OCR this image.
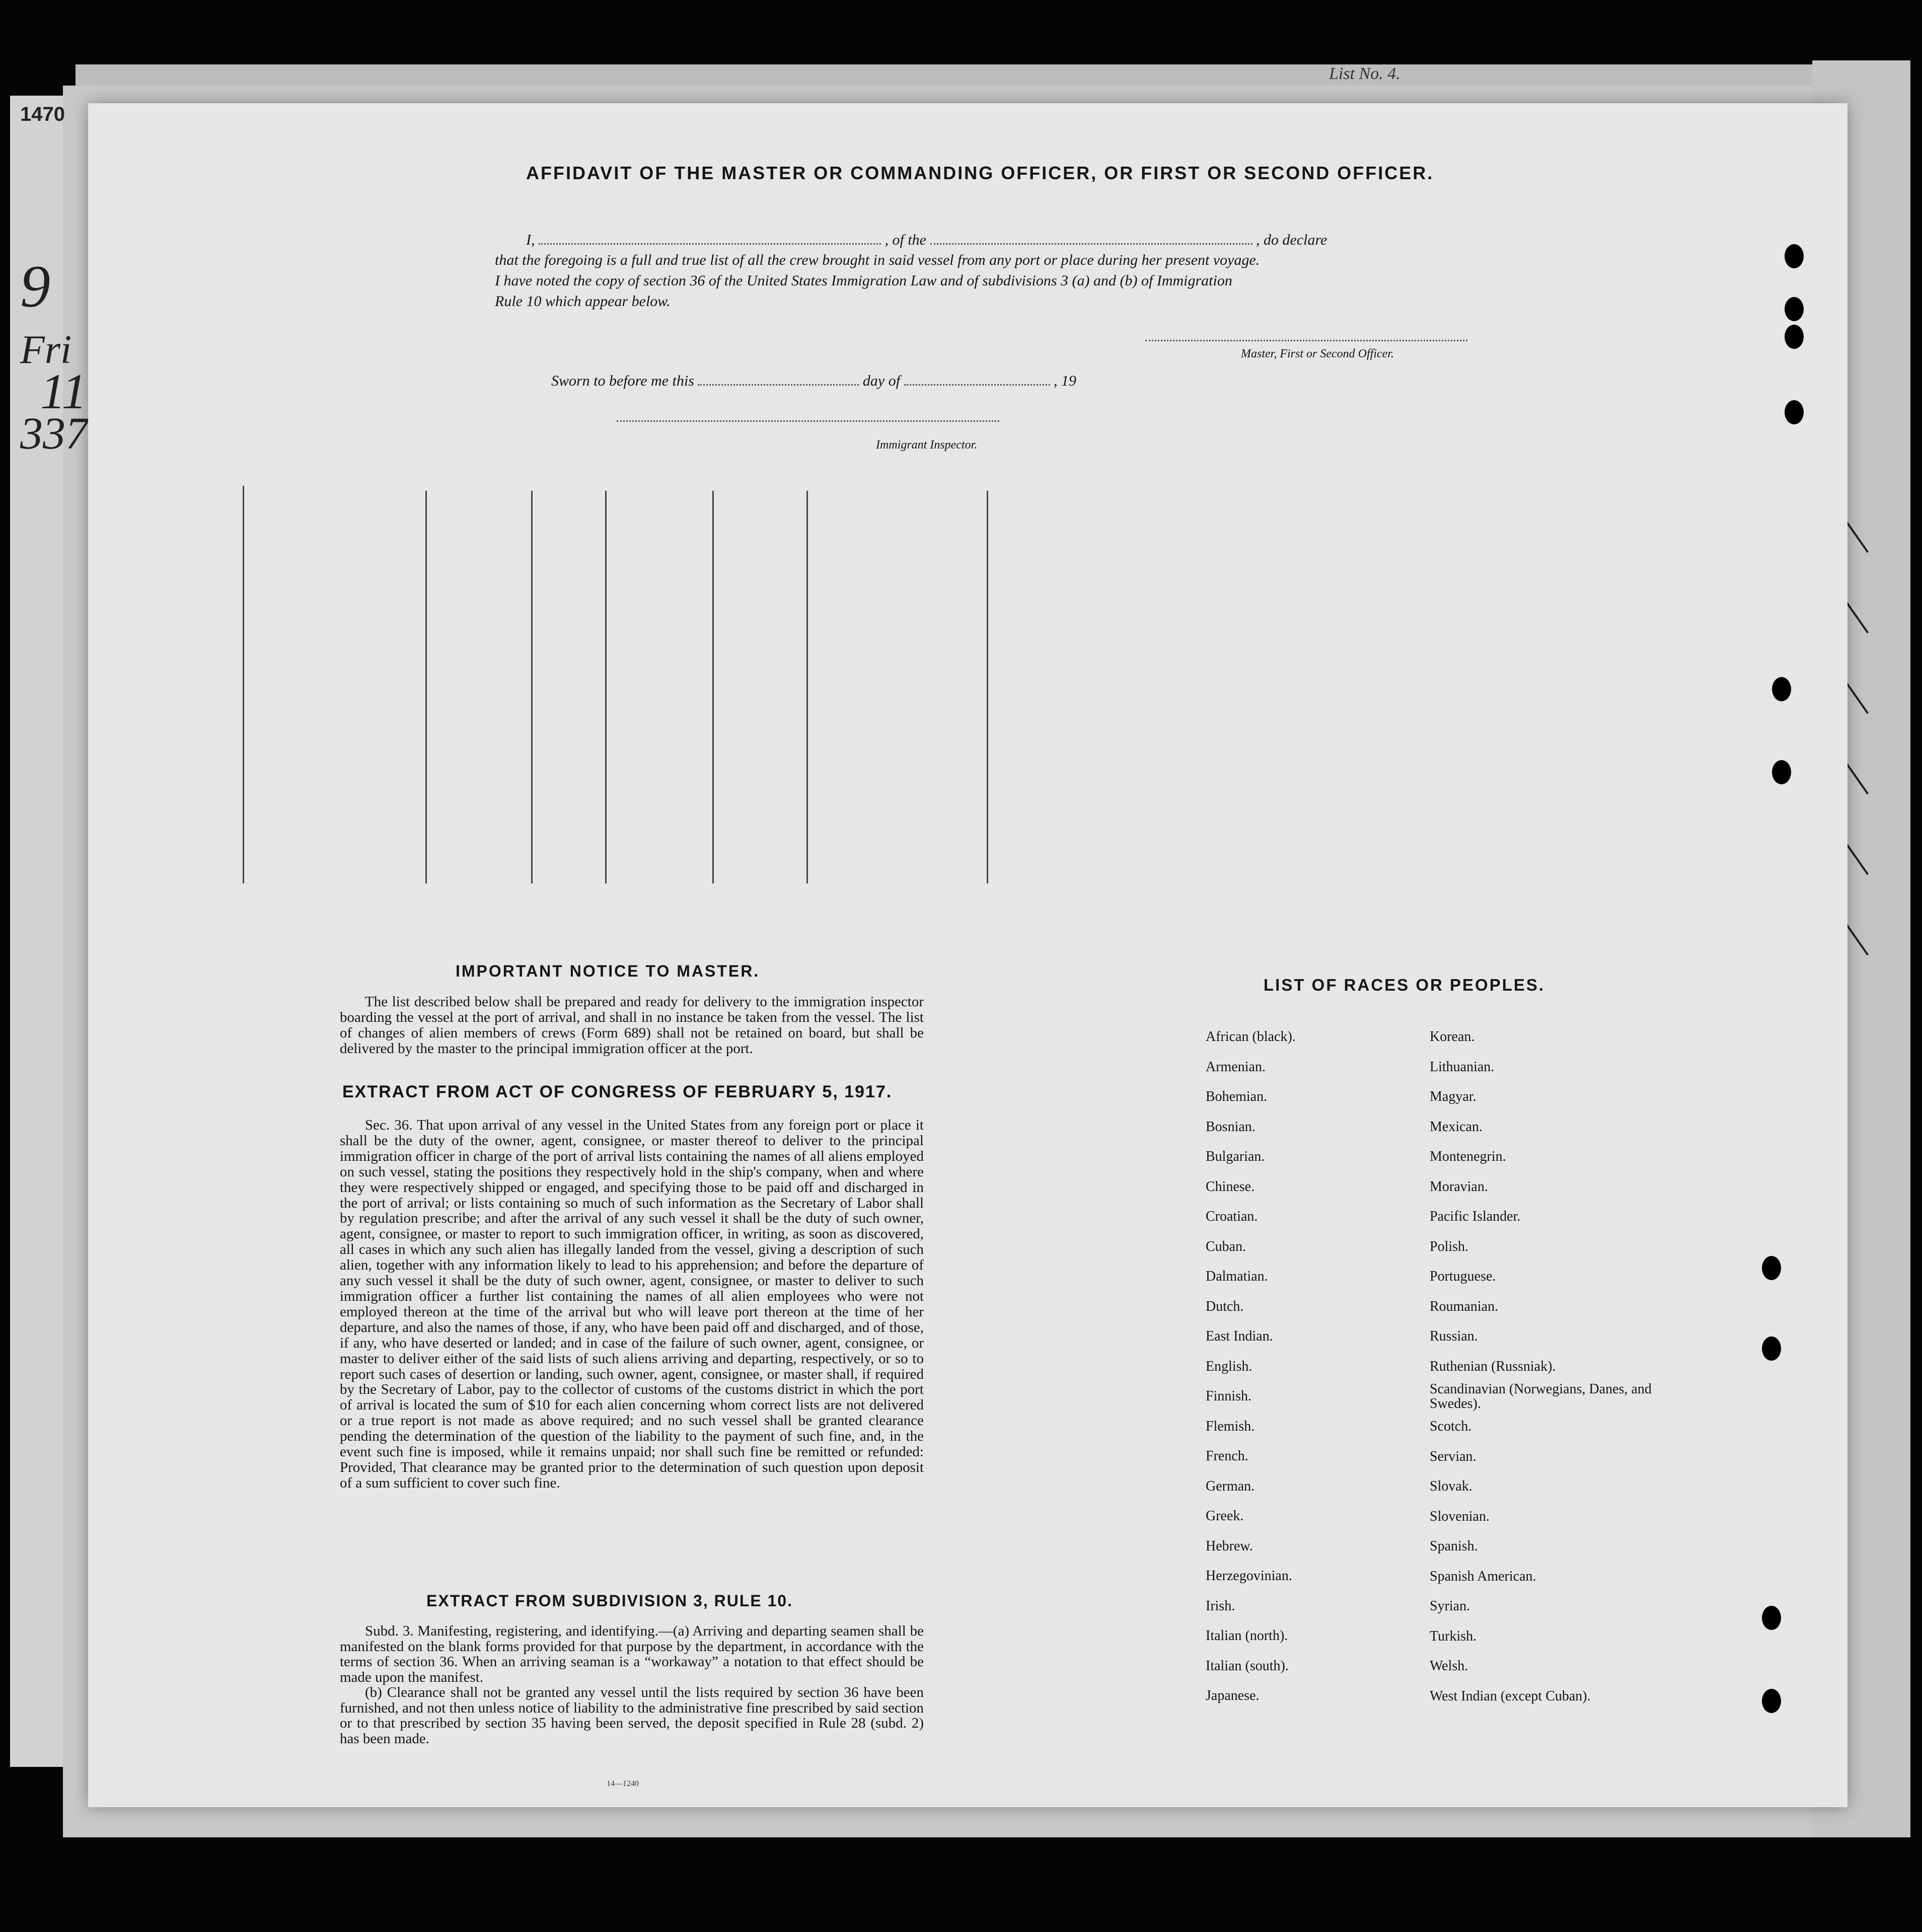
1470
List No. 4.
9
Fri
11
337
AFFIDAVIT OF THE MASTER OR COMMANDING OFFICER, OR FIRST OR SECOND OFFICER.
I,	, of the	, do declare
that the foregoing is a full and true list of all the crew brought in said vessel from any port or place during her present voyage.
I have noted the copy of section 36 of the United States Immigration Law and of subdivisions 3 (a) and (b) of Immigration
Rule 10 which appear below.
Master, First or Second Officer.
Sworn to before me this	day of	, 19
Immigrant Inspector.
IMPORTANT NOTICE TO MASTER.

The list described below shall be prepared and ready for delivery to the immigration inspector boarding the vessel at the port of arrival, and shall in no instance be taken from the vessel. The list of changes of alien members of crews (Form 689) shall not be retained on board, but shall be delivered by the master to the principal immigration officer at the port.

EXTRACT FROM ACT OF CONGRESS OF FEBRUARY 5, 1917.

Sec. 36. That upon arrival of any vessel in the United States from any foreign port or place it shall be the duty of the owner, agent, consignee, or master thereof to deliver to the principal immigration officer in charge of the port of arrival lists containing the names of all aliens employed on such vessel, stating the positions they respectively hold in the ship's company, when and where they were respectively shipped or engaged, and specifying those to be paid off and discharged in the port of arrival; or lists containing so much of such information as the Secretary of Labor shall by regulation prescribe; and after the arrival of any such vessel it shall be the duty of such owner, agent, consignee, or master to report to such immigration officer, in writing, as soon as discovered, all cases in which any such alien has illegally landed from the vessel, giving a description of such alien, together with any information likely to lead to his apprehension; and before the departure of any such vessel it shall be the duty of such owner, agent, consignee, or master to deliver to such immigration officer a further list containing the names of all alien employees who were not employed thereon at the time of the arrival but who will leave port thereon at the time of her departure, and also the names of those, if any, who have been paid off and discharged, and of those, if any, who have deserted or landed; and in case of the failure of such owner, agent, consignee, or master to deliver either of the said lists of such aliens arriving and departing, respectively, or so to report such cases of desertion or landing, such owner, agent, consignee, or master shall, if required by the Secretary of Labor, pay to the collector of customs of the customs district in which the port of arrival is located the sum of $10 for each alien concerning whom correct lists are not delivered or a true report is not made as above required; and no such vessel shall be granted clearance pending the determination of the question of the liability to the payment of such fine, and, in the event such fine is imposed, while it remains unpaid; nor shall such fine be remitted or refunded: Provided, That clearance may be granted prior to the determination of such question upon deposit of a sum sufficient to cover such fine.

EXTRACT FROM SUBDIVISION 3, RULE 10.

Subd. 3. Manifesting, registering, and identifying.—(a) Arriving and departing seamen shall be manifested on the blank forms provided for that purpose by the department, in accordance with the terms of section 36. When an arriving seaman is a “workaway” a notation to that effect should be made upon the manifest.

(b) Clearance shall not be granted any vessel until the lists required by section 36 have been furnished, and not then unless notice of liability to the administrative fine prescribed by said section or to that prescribed by section 35 having been served, the deposit specified in Rule 28 (subd. 2) has been made.

14—1240
LIST OF RACES OR PEOPLES.
African (black).
Armenian.
Bohemian.
Bosnian.
Bulgarian.
Chinese.
Croatian.
Cuban.
Dalmatian.
Dutch.
East Indian.
English.
Finnish.
Flemish.
French.
German.
Greek.
Hebrew.
Herzegovinian.
Irish.
Italian (north).
Italian (south).
Japanese.
Korean.
Lithuanian.
Magyar.
Mexican.
Montenegrin.
Moravian.
Pacific Islander.
Polish.
Portuguese.
Roumanian.
Russian.
Ruthenian (Russniak).
Scandinavian (Norwegians, Danes, and Swedes).
Scotch.
Servian.
Slovak.
Slovenian.
Spanish.
Spanish American.
Syrian.
Turkish.
Welsh.
West Indian (except Cuban).
